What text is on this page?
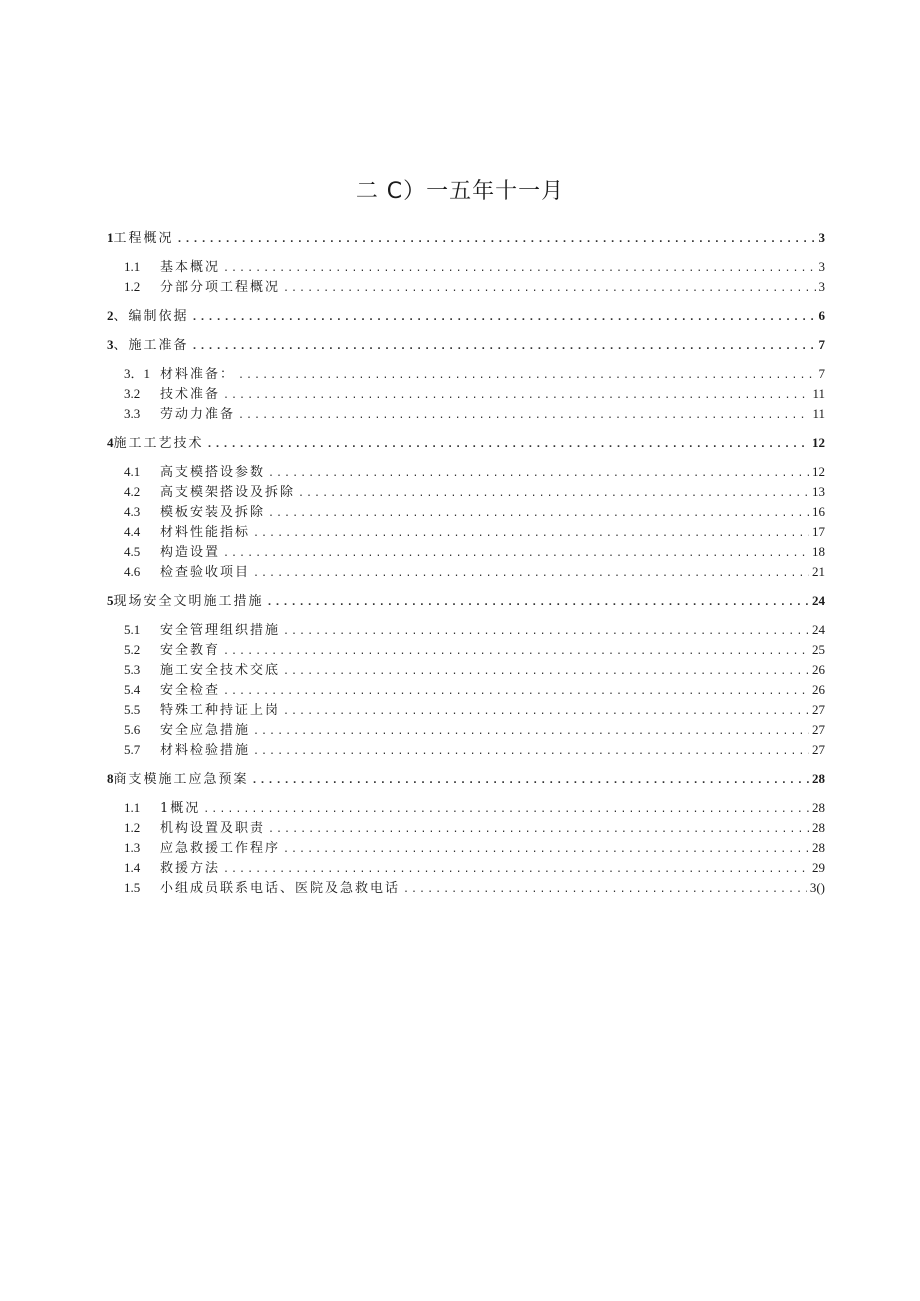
二 C）一五年十一月
1 工程概况 .....	3
1.1	基本概况 .....	3
1.2	分部分项工程概况 .....	3
2 、编制依据 .....	6
3 、施工准备 .....	7
3．1 材料准备： .....	7
3.2	技术准备 .....	11
3.3	劳动力准备 .....	11
4 施工工艺技术 .....	12
4.1	高支模搭设参数 .....	12
4.2	高支模架搭设及拆除 .....	13
4.3	模板安装及拆除 .....	16
4.4	材料性能指标 .....	17
4.5	构造设置 .....	18
4.6	检查验收项目 .....	21
5 现场安全文明施工措施 .....	24
5.1	安全管理组织措施 .....	24
5.2	安全教育 .....	25
5.3	施工安全技术交底 .....	26
5.4	安全检查 .....	26
5.5	特殊工种持证上岗 .....	27
5.6	安全应急措施 .....	27
5.7	材料检验措施 .....	27
8 商支模施工应急预案 .....	28
1.1	1概况 .....	28
1.2	机构设置及职责 .....	28
1.3	应急救援工作程序 .....	28
1.4	救援方法 .....	29
1.5	小组成员联系电话、医院及急救电话 .....	3()
